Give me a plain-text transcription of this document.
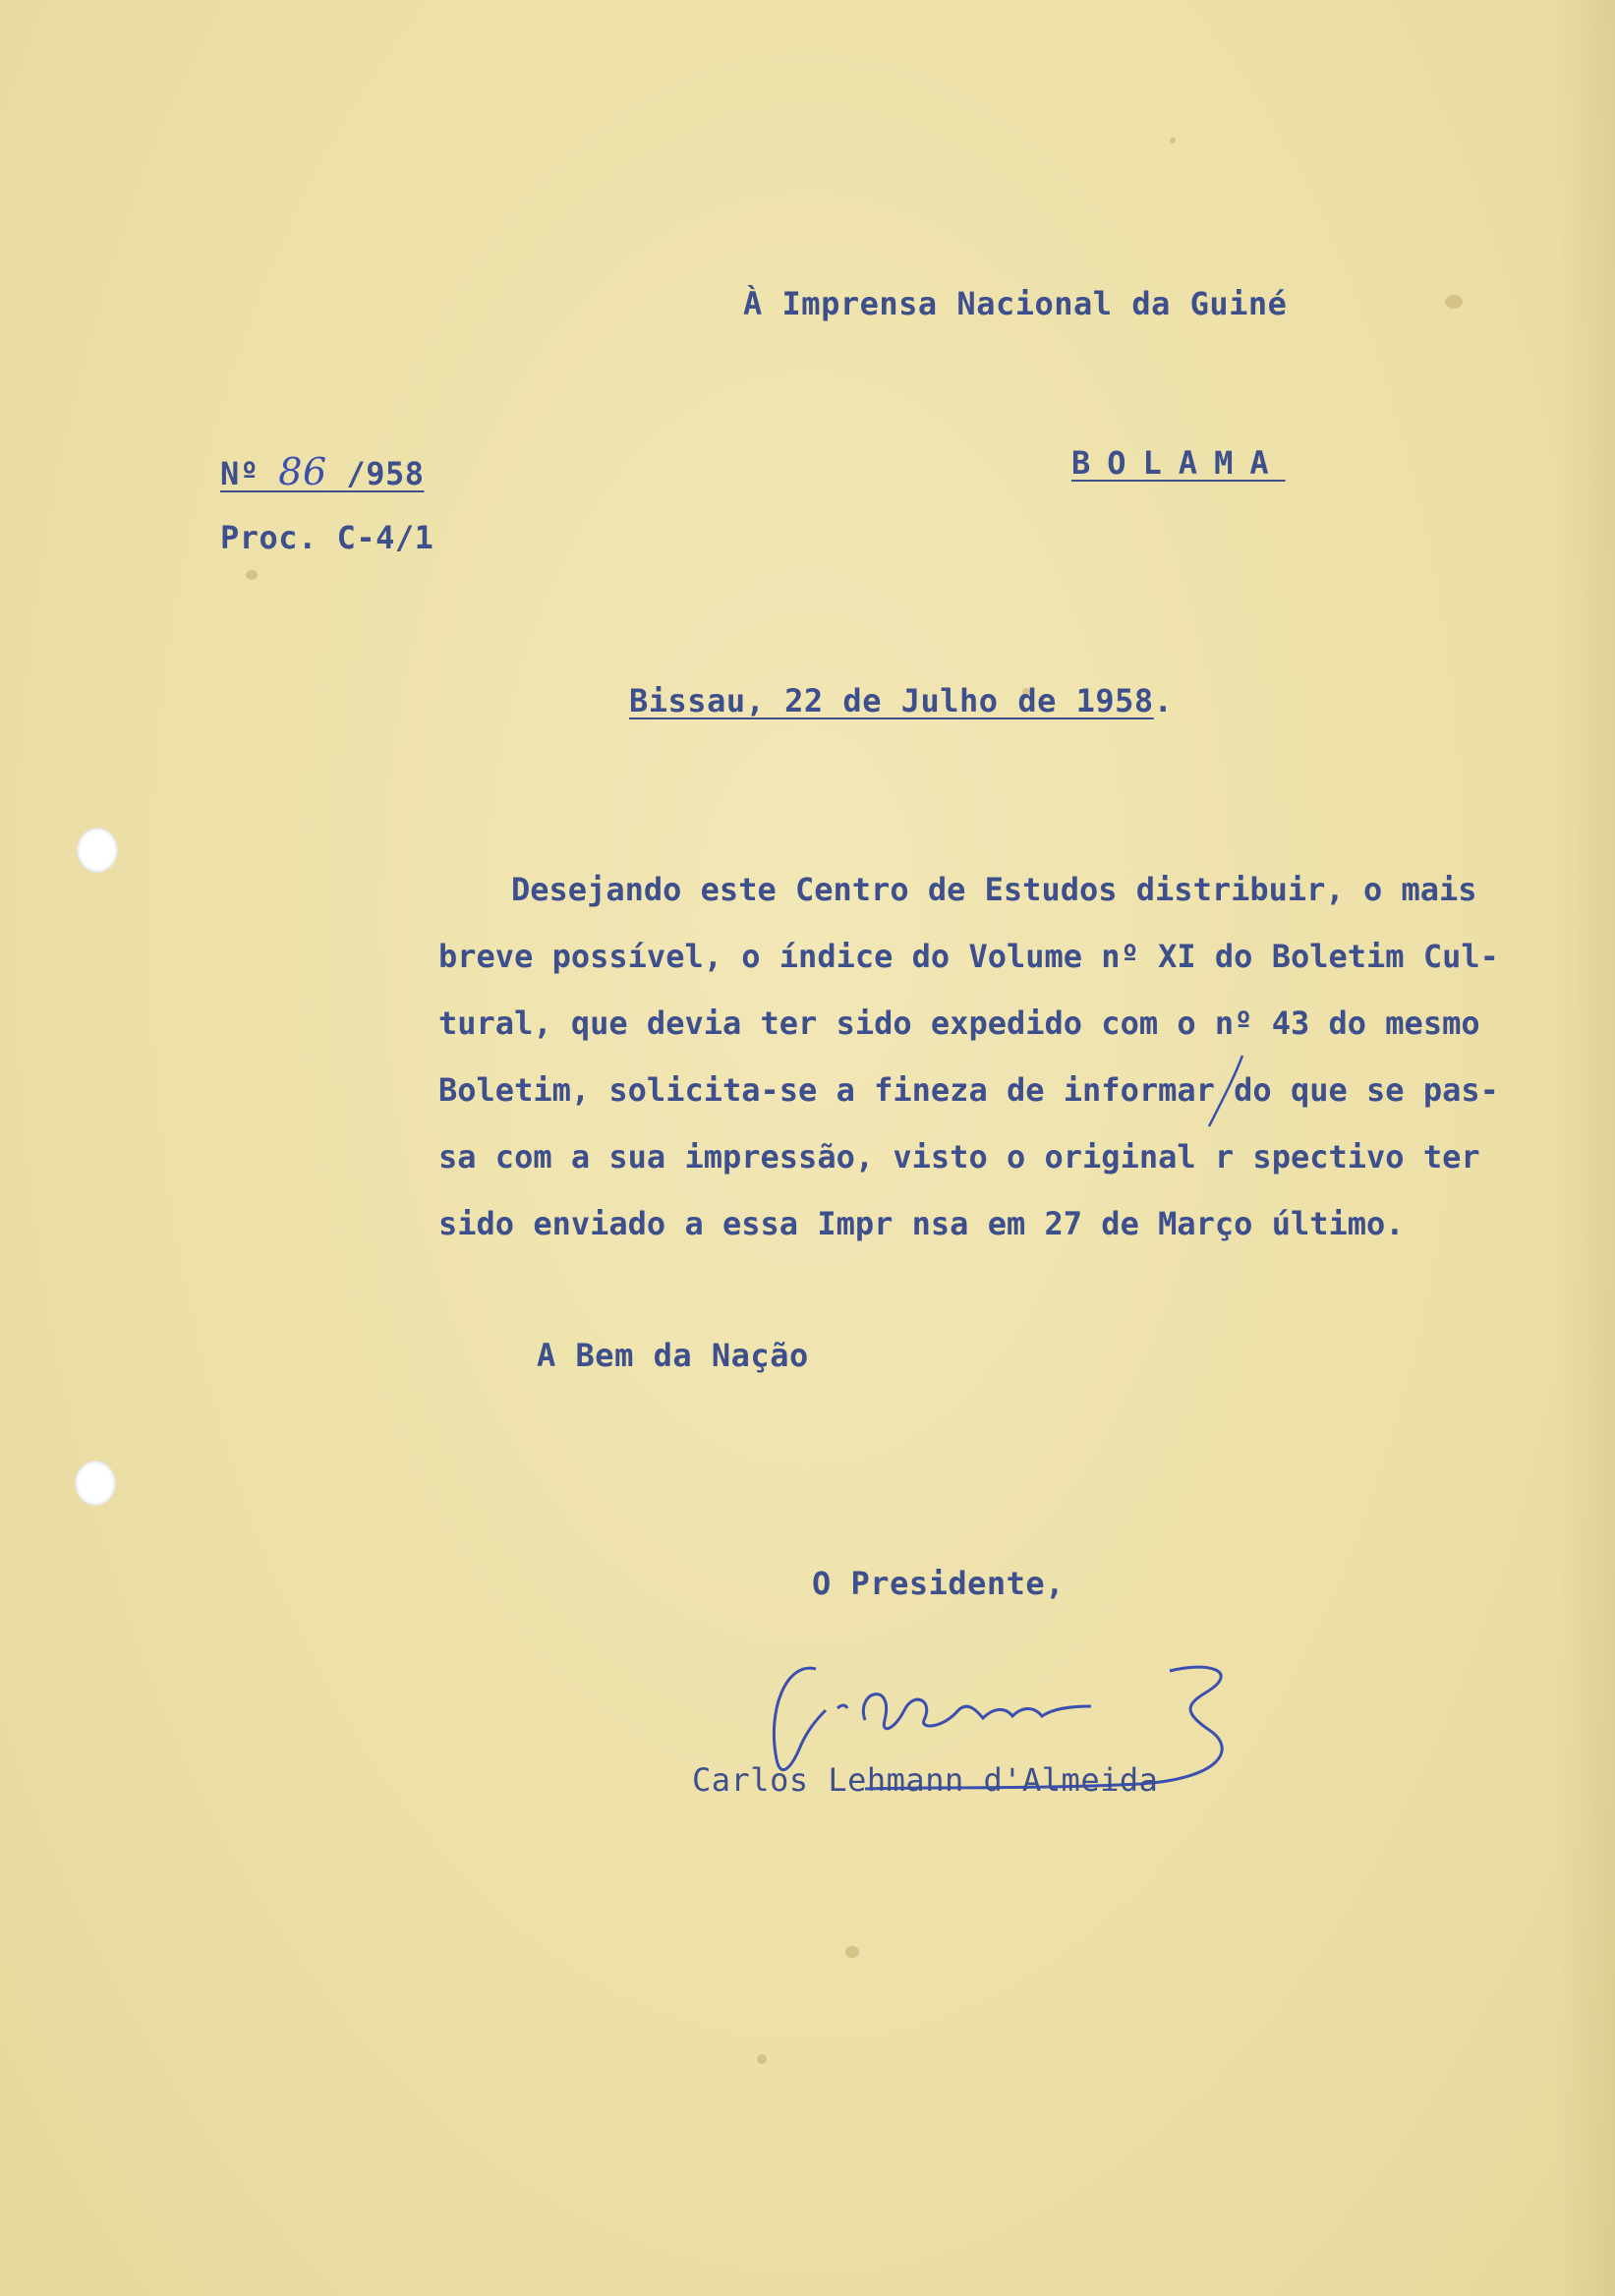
À Imprensa Nacional da Guiné
Nº 86 /958	BOLAMA
Proc. C-4/1
Bissau, 22 de Julho de 1958.
Desejando este Centro de Estudos distribuir, o mais
breve possível, o índice do Volume nº XI do Boletim Cul-
tural, que devia ter sido expedido com o nº 43 do mesmo
Boletim, solicita-se a fineza de informar do que se pas-
sa com a sua impressão, visto o original r spectivo ter
sido enviado a essa Impr nsa em 27 de Março último.
A Bem da Nação
O Presidente,
Carlos Lehmann d'Almeida
